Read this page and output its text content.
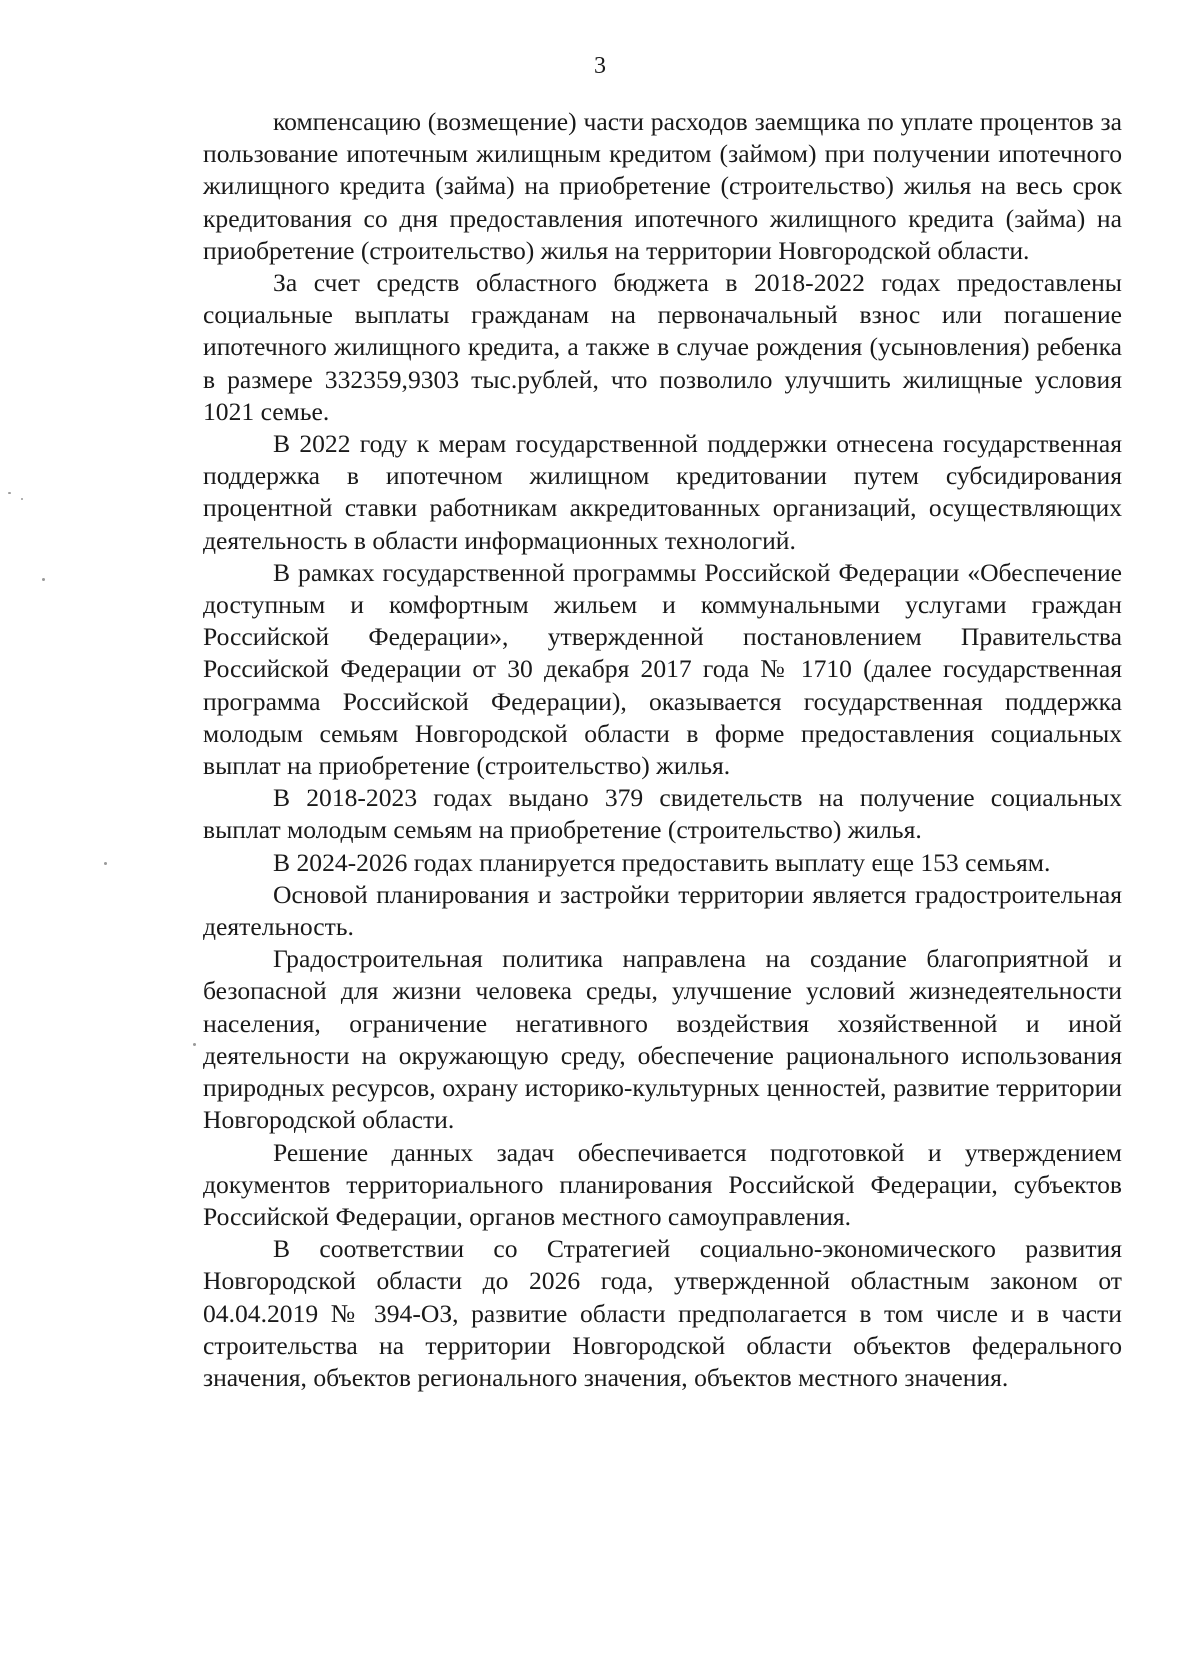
3

компенсацию (возмещение) части расходов заемщика по уплате процентов за пользование ипотечным жилищным кредитом (займом) при получении ипотечного жилищного кредита (займа) на приобретение (строительство) жилья на весь срок кредитования со дня предоставления ипотечного жилищного кредита (займа) на приобретение (строительство) жилья на территории Новгородской области.

За счет средств областного бюджета в 2018-2022 годах предоставлены социальные выплаты гражданам на первоначальный взнос или погашение ипотечного жилищного кредита, а также в случае рождения (усыновления) ребенка в размере 332359,9303 тыс.рублей, что позволило улучшить жилищные условия 1021 семье.

В 2022 году к мерам государственной поддержки отнесена государственная поддержка в ипотечном жилищном кредитовании путем субсидирования процентной ставки работникам аккредитованных организаций, осуществляющих деятельность в области информационных технологий.

В рамках государственной программы Российской Федерации «Обеспечение доступным и комфортным жильем и коммунальными услугами граждан Российской Федерации», утвержденной постановлением Правительства Российской Федерации от 30 декабря 2017 года № 1710 (далее государственная программа Российской Федерации), оказывается государственная поддержка молодым семьям Новгородской области в форме предоставления социальных выплат на приобретение (строительство) жилья.

В 2018-2023 годах выдано 379 свидетельств на получение социальных выплат молодым семьям на приобретение (строительство) жилья.

В 2024-2026 годах планируется предоставить выплату еще 153 семьям.

Основой планирования и застройки территории является градостроительная деятельность.

Градостроительная политика направлена на создание благоприятной и безопасной для жизни человека среды, улучшение условий жизнедеятельности населения, ограничение негативного воздействия хозяйственной и иной деятельности на окружающую среду, обеспечение рационального использования природных ресурсов, охрану историко-культурных ценностей, развитие территории Новгородской области.

Решение данных задач обеспечивается подготовкой и утверждением документов территориального планирования Российской Федерации, субъектов Российской Федерации, органов местного самоуправления.

В соответствии со Стратегией социально-экономического развития Новгородской области до 2026 года, утвержденной областным законом от 04.04.2019 № 394-ОЗ, развитие области предполагается в том числе и в части строительства на территории Новгородской области объектов федерального значения, объектов регионального значения, объектов местного значения.
